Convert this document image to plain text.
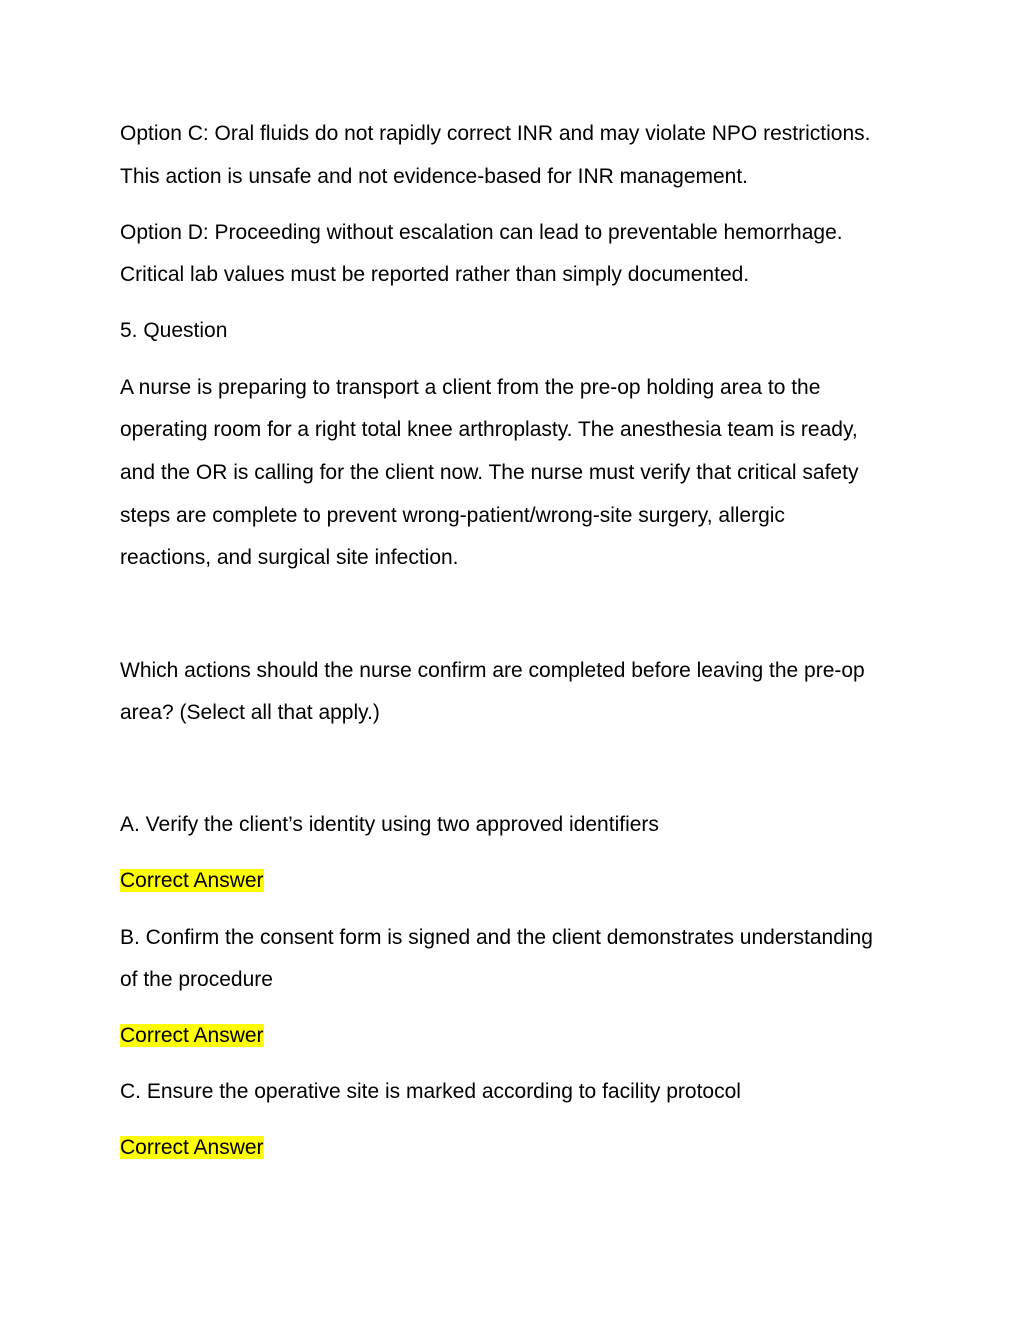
Option C: Oral fluids do not rapidly correct INR and may violate NPO restrictions.
This action is unsafe and not evidence-based for INR management.
Option D: Proceeding without escalation can lead to preventable hemorrhage.
Critical lab values must be reported rather than simply documented.
5. Question
A nurse is preparing to transport a client from the pre-op holding area to the
operating room for a right total knee arthroplasty. The anesthesia team is ready,
and the OR is calling for the client now. The nurse must verify that critical safety
steps are complete to prevent wrong-patient/wrong-site surgery, allergic
reactions, and surgical site infection.
Which actions should the nurse confirm are completed before leaving the pre-op
area? (Select all that apply.)
A. Verify the client’s identity using two approved identifiers
Correct Answer
B. Confirm the consent form is signed and the client demonstrates understanding
of the procedure
Correct Answer
C. Ensure the operative site is marked according to facility protocol
Correct Answer
